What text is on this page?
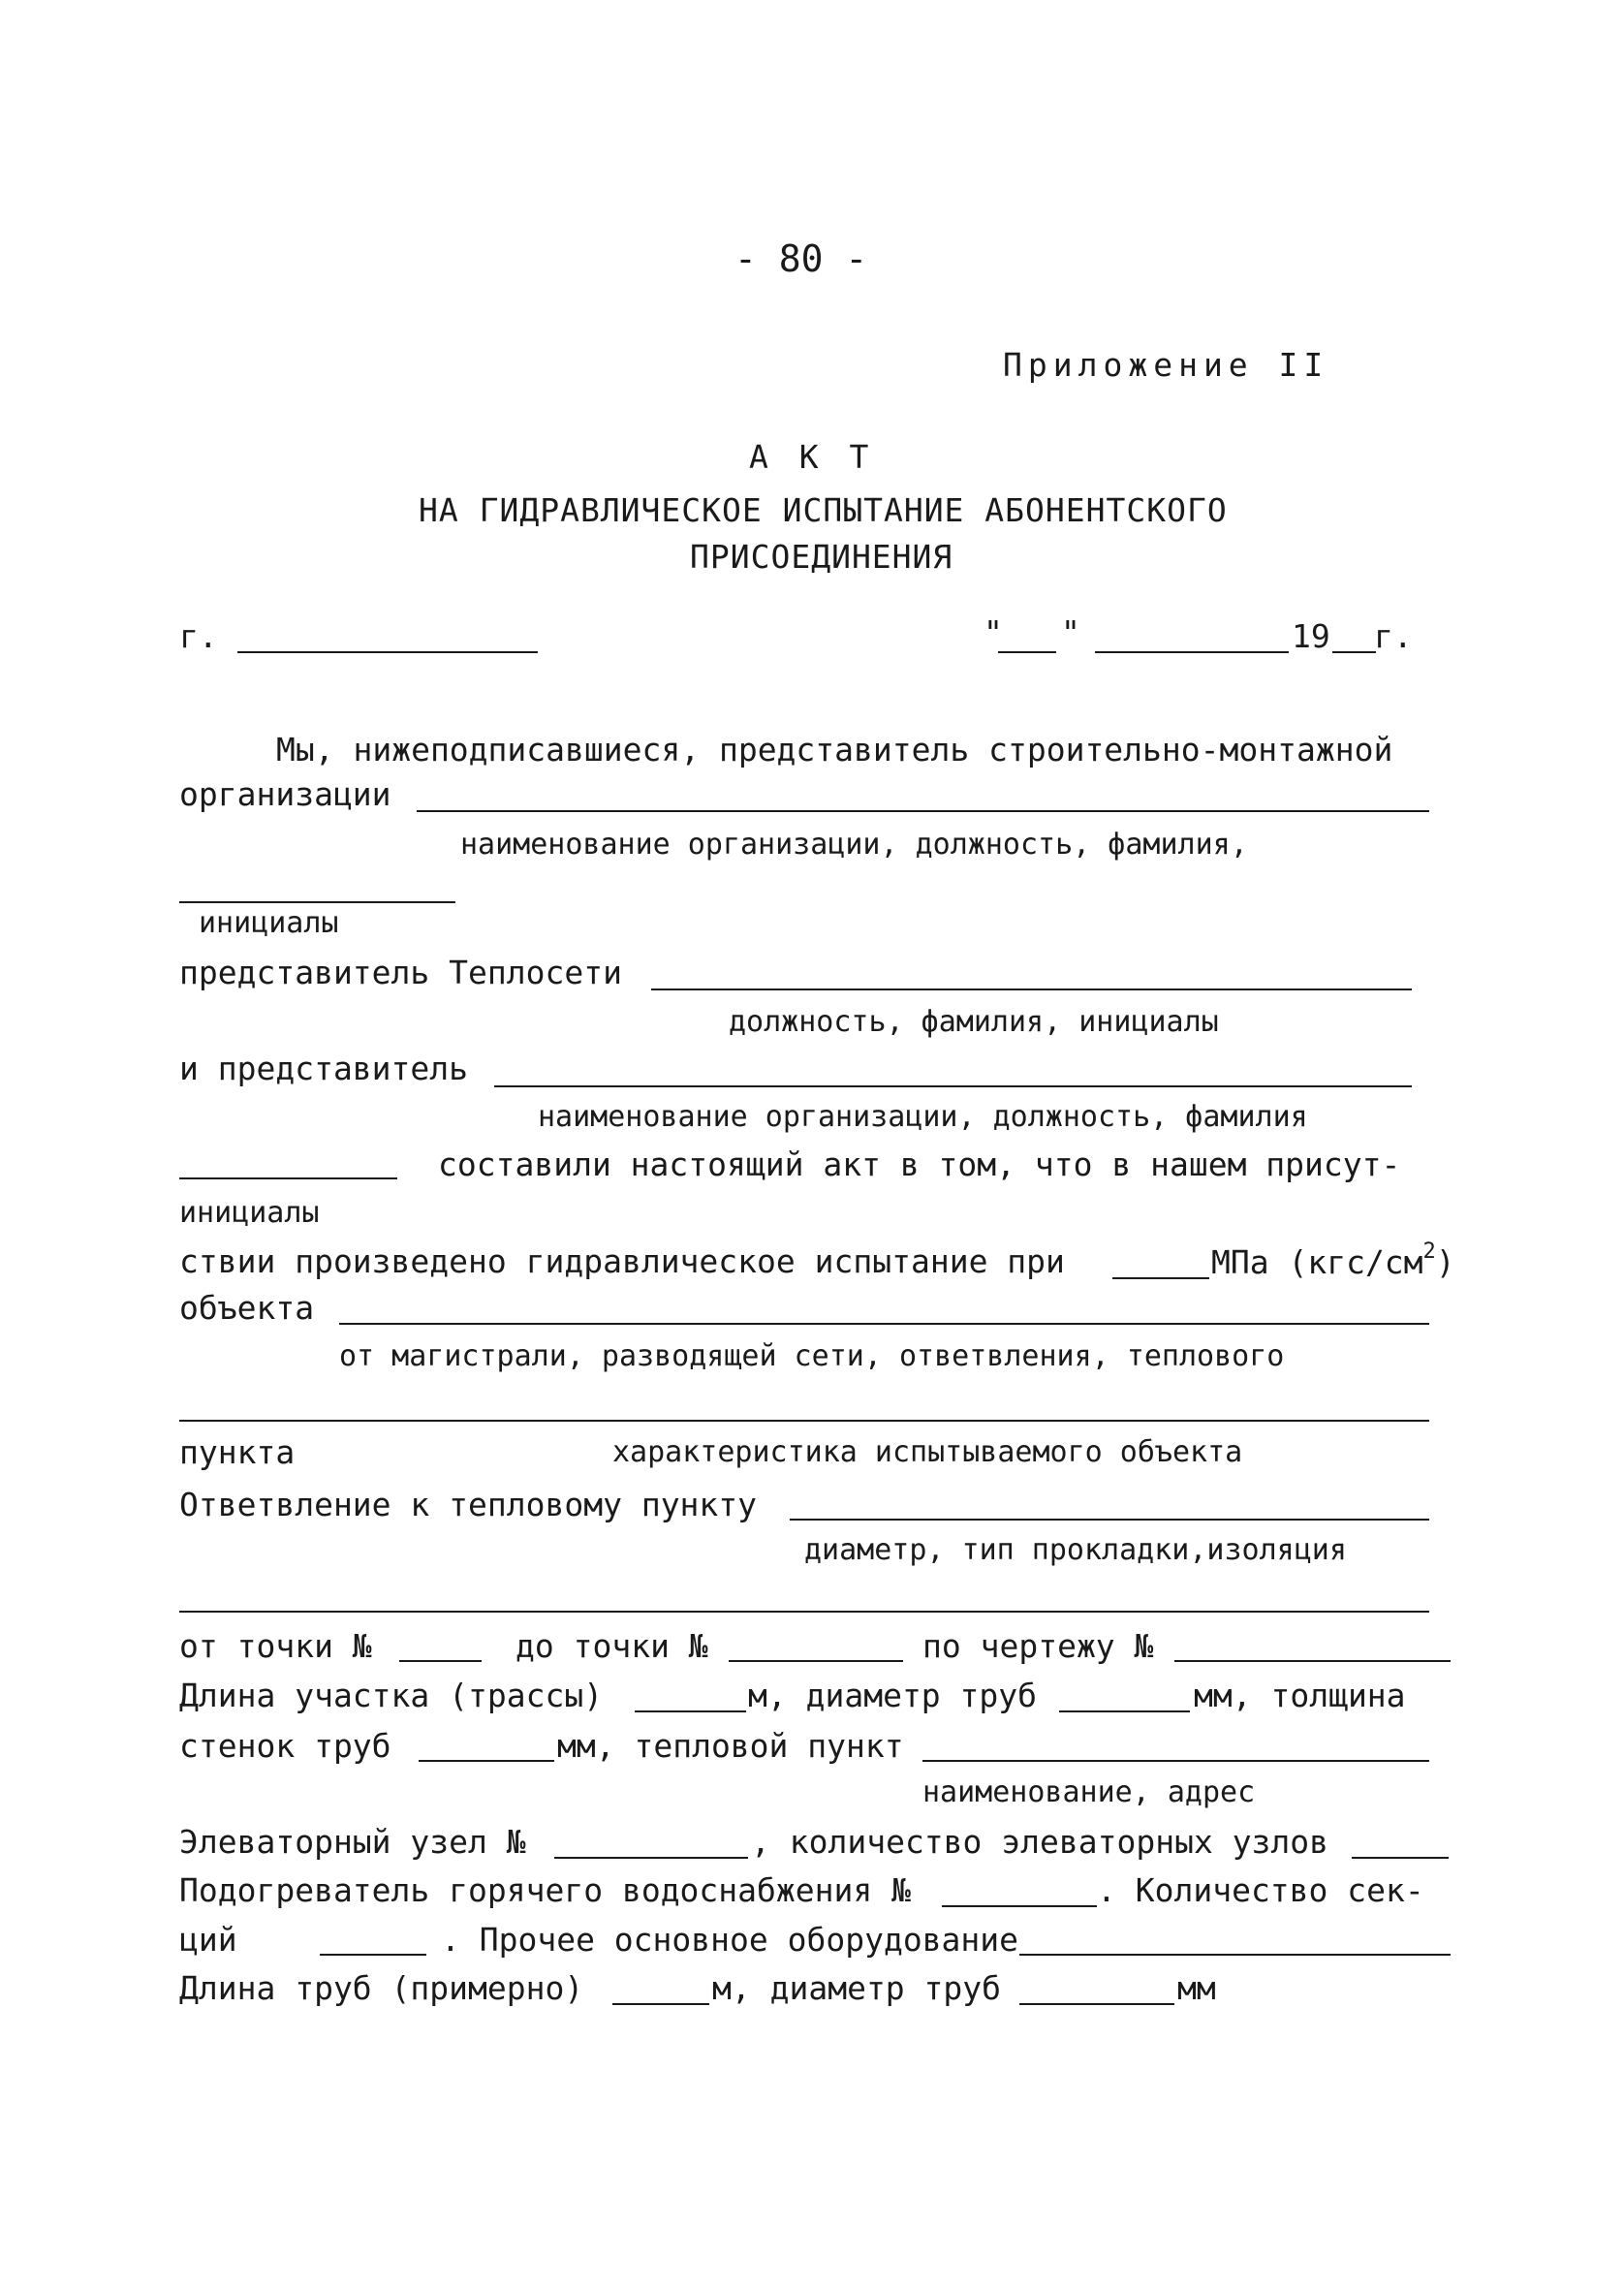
- 80 -
Приложение II
А К Т
НА ГИДРАВЛИЧЕСКОЕ ИСПЫТАНИЕ АБОНЕНТСКОГО
ПРИСОЕДИНЕНИЯ
г.	" "	19 г.
Мы, нижеподписавшиеся, представитель строительно-монтажной
организации
наименование организации, должность, фамилия,
инициалы
представитель Теплосети
должность, фамилия, инициалы
и представитель
наименование организации, должность, фамилия
составили настоящий акт в том, что в нашем присут-
инициалы
ствии произведено гидравлическое испытание при	МПа $(кгс/см^2)$
объекта
от магистрали, разводящей сети, ответвления, теплового
пункта	характеристика испытываемого объекта
Ответвление к тепловому пункту
диаметр, тип прокладки,изоляция
от точки №	до точки №	по чертежу №
Длина участка (трассы)	м, диаметр труб	мм, толщина
стенок труб	мм, тепловой пункт
наименование, адрес
Элеваторный узел №	, количество элеваторных узлов
Подогреватель горячего водоснабжения №	. Количество сек-
ций	. Прочее основное оборудование
Длина труб (примерно)	м, диаметр труб	мм
